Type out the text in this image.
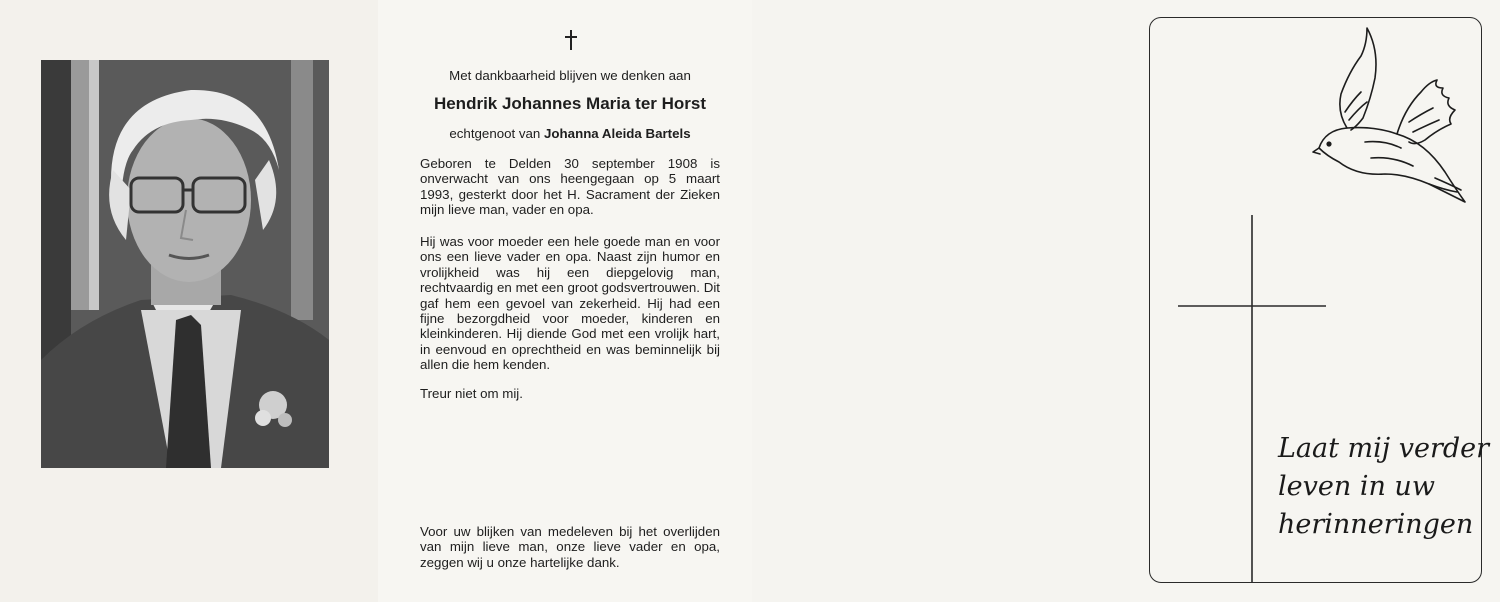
Met dankbaarheid blijven we denken aan
Hendrik Johannes Maria ter Horst
echtgenoot van Johanna Aleida Bartels
Geboren te Delden 30 september 1908 is onverwacht van ons heengegaan op 5 maart 1993, gesterkt door het H. Sacrament der Zieken mijn lieve man, vader en opa.
Hij was voor moeder een hele goede man en voor ons een lieve vader en opa. Naast zijn humor en vrolijkheid was hij een diepgelovig man, rechtvaardig en met een groot godsvertrouwen. Dit gaf hem een gevoel van zekerheid. Hij had een fijne bezorgdheid voor moeder, kinderen en kleinkinderen. Hij diende God met een vrolijk hart, in eenvoud en oprechtheid en was beminnelijk bij allen die hem kenden.
Treur niet om mij.
Voor uw blijken van medeleven bij het overlijden van mijn lieve man, onze lieve vader en opa, zeggen wij u onze hartelijke dank.
Laat mij verder
leven in uw
herinneringen
